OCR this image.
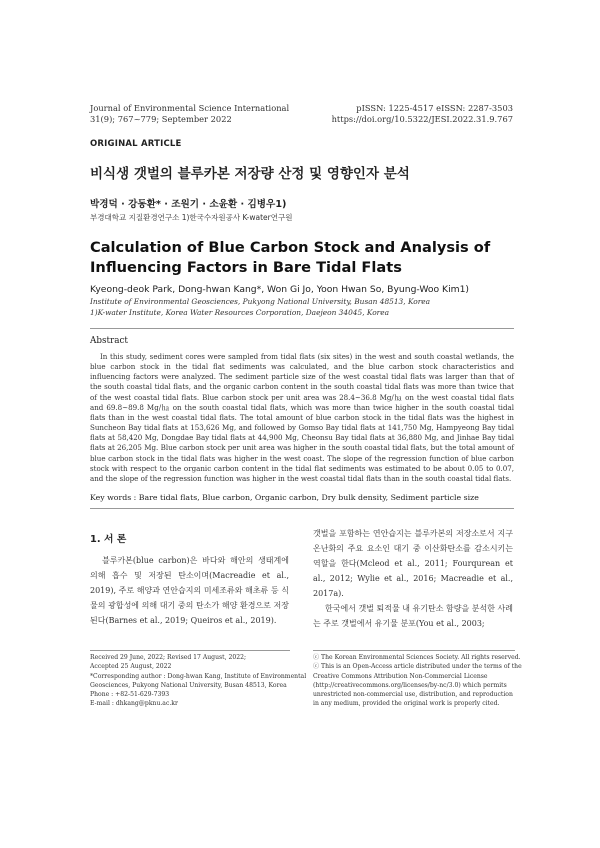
Journal of Environmental Science International
31(9); 767~779; September 2022
pISSN: 1225-4517 eISSN: 2287-3503
https://doi.org/10.5322/JESI.2022.31.9.767
ORIGINAL ARTICLE
비식생 갯벌의 블루카본 저장량 산정 및 영향인자 분석
박경덕 · 강동환* · 조원기 · 소윤환 · 김병우1)
부경대학교 지질환경연구소 1)한국수자원공사 K-water연구원
Calculation of Blue Carbon Stock and Analysis of Influencing Factors in Bare Tidal Flats
Kyeong-deok Park, Dong-hwan Kang*, Won Gi Jo, Yoon Hwan So, Byung-Woo Kim1)
Institute of Environmental Geosciences, Pukyong National University, Busan 48513, Korea
1)K-water Institute, Korea Water Resources Corporation, Daejeon 34045, Korea
Abstract

In this study, sediment cores were sampled from tidal flats (six sites) in the west and south coastal wetlands, the blue carbon stock in the tidal flat sediments was calculated, and the blue carbon stock characteristics and influencing factors were analyzed. The sediment particle size of the west coastal tidal flats was larger than that of the south coastal tidal flats, and the organic carbon content in the south coastal tidal flats was more than twice that of the west coastal tidal flats. Blue carbon stock per unit area was 28.4~36.8 Mg/㏊ on the west coastal tidal flats and 69.8~89.8 Mg/㏊ on the south coastal tidal flats, which was more than twice higher in the south coastal tidal flats than in the west coastal tidal flats. The total amount of blue carbon stock in the tidal flats was the highest in Suncheon Bay tidal flats at 153,626 Mg, and followed by Gomso Bay tidal flats at 141,750 Mg, Hampyeong Bay tidal flats at 58,420 Mg, Dongdae Bay tidal flats at 44,900 Mg, Cheonsu Bay tidal flats at 36,880 Mg, and Jinhae Bay tidal flats at 26,205 Mg. Blue carbon stock per unit area was higher in the south coastal tidal flats, but the total amount of blue carbon stock in the tidal flats was higher in the west coast. The slope of the regression function of blue carbon stock with respect to the organic carbon content in the tidal flat sediments was estimated to be about 0.05 to 0.07, and the slope of the regression function was higher in the west coastal tidal flats than in the south coastal tidal flats.

Key words : Bare tidal flats, Blue carbon, Organic carbon, Dry bulk density, Sediment particle size
1. 서 론

블루카본(blue carbon)은 바다와 해안의 생태계에 의해 흡수 및 저장된 탄소이며(Macreadie et al., 2019), 주로 해양과 연안습지의 미세조류와 해초류 등 식물의 광합성에 의해 대기 중의 탄소가 해양 환경으로 저장된다(Barnes et al., 2019; Queiros et al., 2019).

갯벌을 포함하는 연안습지는 블루카본의 저장소로서 지구온난화의 주요 요소인 대기 중 이산화탄소를 감소시키는 역할을 한다(Mcleod et al., 2011; Fourqurean et al., 2012; Wylie et al., 2016; Macreadie et al., 2017a).

한국에서 갯벌 퇴적물 내 유기탄소 함량을 분석한 사례는 주로 갯벌에서 유기물 분포(You et al., 2003;

Received 29 June, 2022; Revised 17 August, 2022;
Accepted 25 August, 2022
*Corresponding author : Dong-hwan Kang, Institute of Environmental
Geosciences, Pukyong National University, Busan 48513, Korea
Phone : +82-51-629-7393
E-mail : dhkang@pknu.ac.kr
ⓒ The Korean Environmental Sciences Society. All rights reserved.
ⓒ This is an Open-Access article distributed under the terms of the
Creative Commons Attribution Non-Commercial License
(http://creativecommons.org/licenses/by-nc/3.0) which permits
unrestricted non-commercial use, distribution, and reproduction
in any medium, provided the original work is properly cited.
